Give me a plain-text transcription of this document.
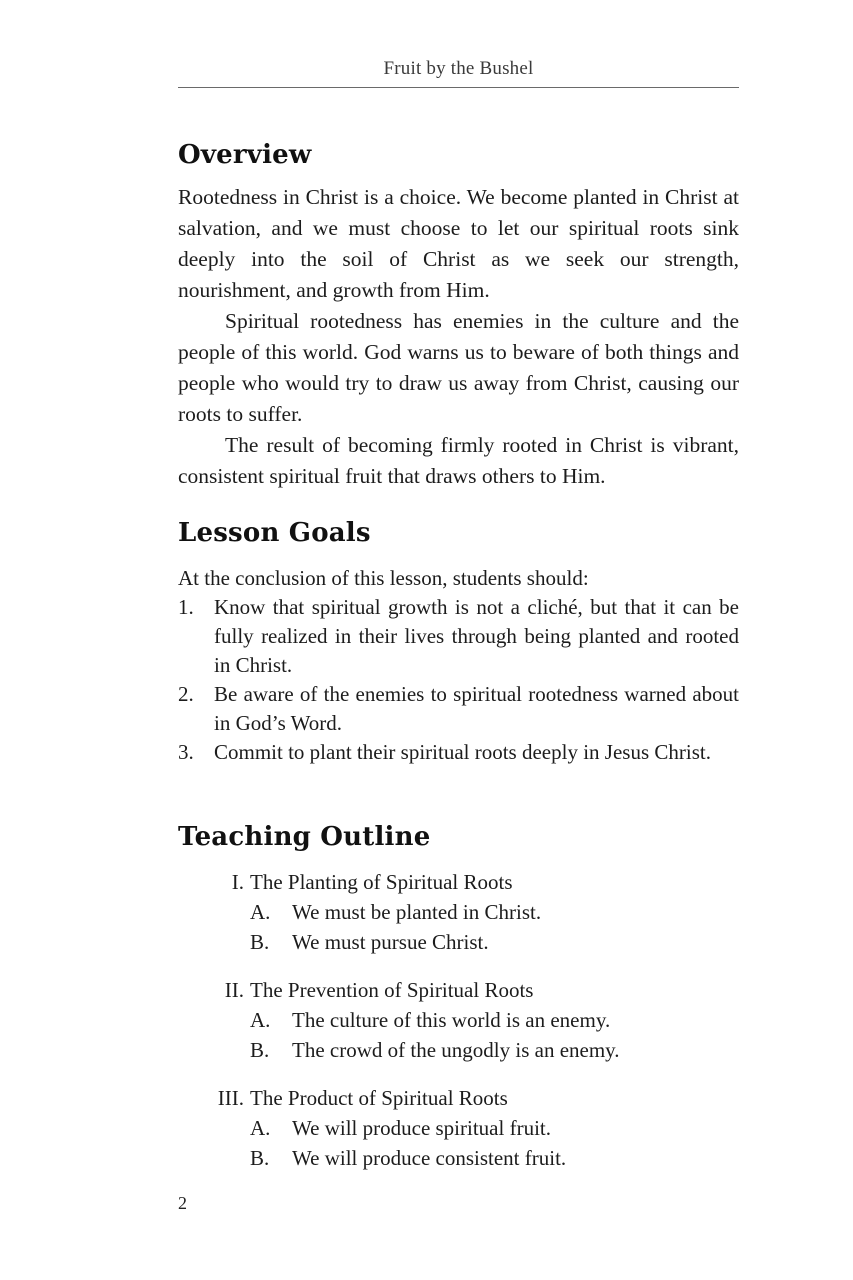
Fruit by the Bushel
Overview

Rootedness in Christ is a choice. We become planted in Christ at salvation, and we must choose to let our spiritual roots sink deeply into the soil of Christ as we seek our strength, nourishment, and growth from Him.

Spiritual rootedness has enemies in the culture and the people of this world. God warns us to beware of both things and people who would try to draw us away from Christ, causing our roots to suffer.

The result of becoming firmly rooted in Christ is vibrant, consistent spiritual fruit that draws others to Him.

Lesson Goals
At the conclusion of this lesson, students should:
1. Know that spiritual growth is not a cliché, but that it can be fully realized in their lives through being planted and rooted in Christ.
2. Be aware of the enemies to spiritual rootedness warned about in God’s Word.
3. Commit to plant their spiritual roots deeply in Jesus Christ.
Teaching Outline
I. The Planting of Spiritual Roots
A. We must be planted in Christ.
B. We must pursue Christ.
II. The Prevention of Spiritual Roots
A. The culture of this world is an enemy.
B. The crowd of the ungodly is an enemy.
III. The Product of Spiritual Roots
A. We will produce spiritual fruit.
B. We will produce consistent fruit.
2
